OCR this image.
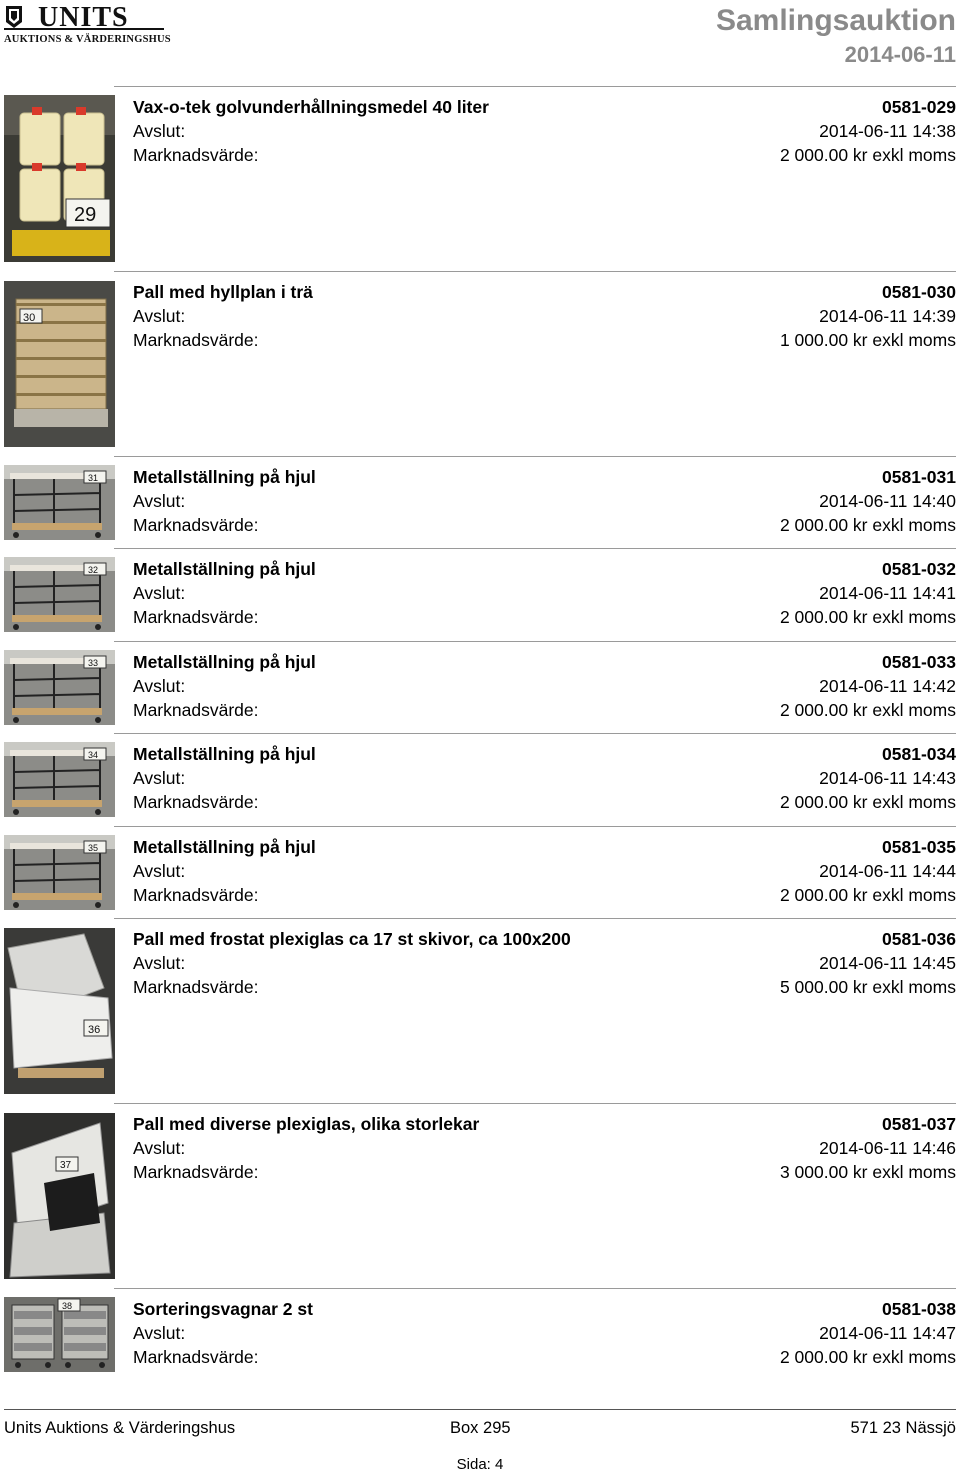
UNITS
AUKTIONS & VÄRDERINGSHUS
Samlingsauktion
2014-06-11
29
Vax-o-tek golvunderhållningsmedel 40 liter	0581-029
Avslut:	2014-06-11 14:38
Marknadsvärde:	2 000.00 kr exkl moms
30
Pall med hyllplan i trä	0581-030
Avslut:	2014-06-11 14:39
Marknadsvärde:	1 000.00 kr exkl moms
31 Metallställning på hjul	0581-031
Avslut:	2014-06-11 14:40
Marknadsvärde:	2 000.00 kr exkl moms
32 Metallställning på hjul	0581-032
Avslut:	2014-06-11 14:41
Marknadsvärde:	2 000.00 kr exkl moms
33 Metallställning på hjul	0581-033
Avslut:	2014-06-11 14:42
Marknadsvärde:	2 000.00 kr exkl moms
34 Metallställning på hjul	0581-034
Avslut:	2014-06-11 14:43
Marknadsvärde:	2 000.00 kr exkl moms
35 Metallställning på hjul	0581-035
Avslut:	2014-06-11 14:44
Marknadsvärde:	2 000.00 kr exkl moms
36
Pall med frostat plexiglas ca 17 st skivor, ca 100x200	0581-036
Avslut:	2014-06-11 14:45
Marknadsvärde:	5 000.00 kr exkl moms
37
Pall med diverse plexiglas, olika storlekar	0581-037
Avslut:	2014-06-11 14:46
Marknadsvärde:	3 000.00 kr exkl moms
38	Sorteringsvagnar 2 st	0581-038
Avslut:	2014-06-11 14:47
Marknadsvärde:	2 000.00 kr exkl moms
Units Auktions & Värderingshus	Box 295	571 23 Nässjö
Sida: 4
